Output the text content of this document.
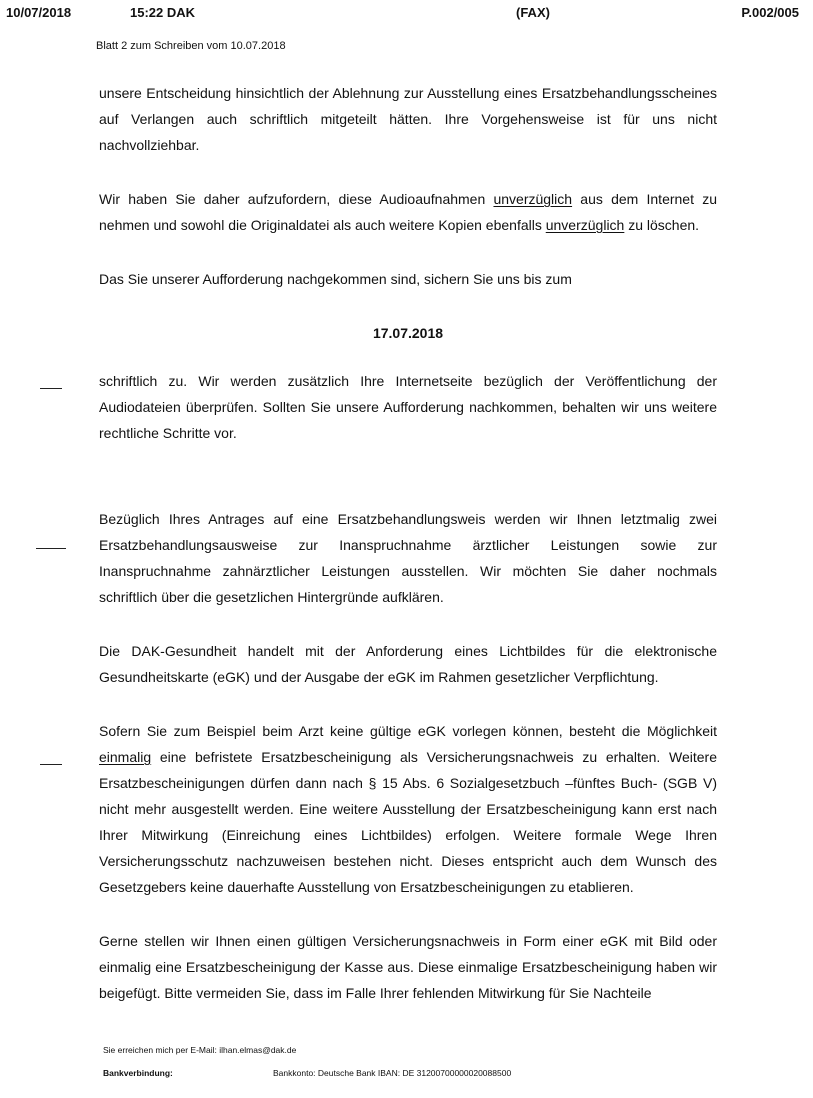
10/07/2018	15:22 DAK	(FAX)	P.002/005
Blatt 2 zum Schreiben vom 10.07.2018

unsere Entscheidung hinsichtlich der Ablehnung zur Ausstellung eines Ersatzbehandlungsscheines auf Verlangen auch schriftlich mitgeteilt hätten. Ihre Vorgehensweise ist für uns nicht nachvollziehbar.

Wir haben Sie daher aufzufordern, diese Audioaufnahmen unverzüglich aus dem Internet zu nehmen und sowohl die Originaldatei als auch weitere Kopien ebenfalls unverzüglich zu löschen.

Das Sie unserer Aufforderung nachgekommen sind, sichern Sie uns bis zum

17.07.2018

schriftlich zu. Wir werden zusätzlich Ihre Internetseite bezüglich der Veröffentlichung der Audiodateien überprüfen. Sollten Sie unsere Aufforderung nachkommen, behalten wir uns weitere rechtliche Schritte vor.

Bezüglich Ihres Antrages auf eine Ersatzbehandlungsweis werden wir Ihnen letztmalig zwei Ersatzbehandlungsausweise zur Inanspruchnahme ärztlicher Leistungen sowie zur Inanspruchnahme zahnärztlicher Leistungen ausstellen. Wir möchten Sie daher nochmals schriftlich über die gesetzlichen Hintergründe aufklären.

Die DAK-Gesundheit handelt mit der Anforderung eines Lichtbildes für die elektronische Gesundheitskarte (eGK) und der Ausgabe der eGK im Rahmen gesetzlicher Verpflichtung.

Sofern Sie zum Beispiel beim Arzt keine gültige eGK vorlegen können, besteht die Möglichkeit einmalig eine befristete Ersatzbescheinigung als Versicherungsnachweis zu erhalten. Weitere Ersatzbescheinigungen dürfen dann nach § 15 Abs. 6 Sozialgesetzbuch –fünftes Buch- (SGB V) nicht mehr ausgestellt werden. Eine weitere Ausstellung der Ersatzbescheinigung kann erst nach Ihrer Mitwirkung (Einreichung eines Lichtbildes) erfolgen. Weitere formale Wege Ihren Versicherungsschutz nachzuweisen bestehen nicht. Dieses entspricht auch dem Wunsch des Gesetzgebers keine dauerhafte Ausstellung von Ersatzbescheinigungen zu etablieren.

Gerne stellen wir Ihnen einen gültigen Versicherungsnachweis in Form einer eGK mit Bild oder einmalig eine Ersatzbescheinigung der Kasse aus. Diese einmalige Ersatzbescheinigung haben wir beigefügt. Bitte vermeiden Sie, dass im Falle Ihrer fehlenden Mitwirkung für Sie Nachteile

Sie erreichen mich per E-Mail: ilhan.elmas@dak.de
Bankverbindung:	Bankkonto: Deutsche Bank IBAN: DE 31200700000020088500
